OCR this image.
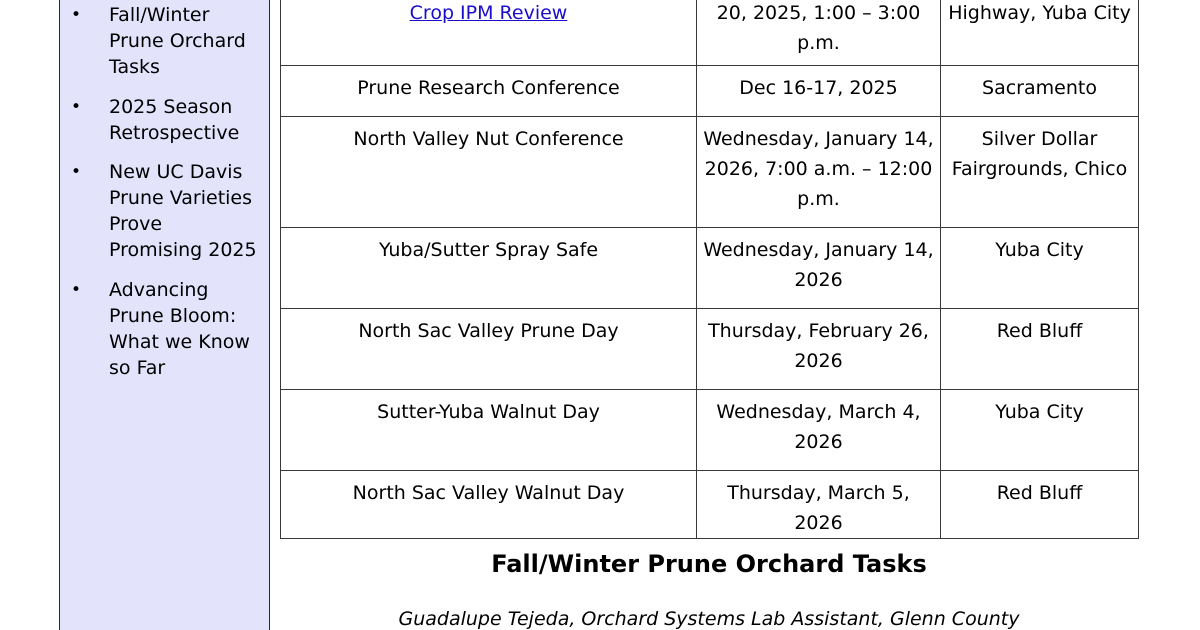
• Fall/Winter Prune Orchard Tasks
• 2025 Season Retrospective
• New UC Davis Prune Varieties Prove Promising 2025
• Advancing Prune Bloom: What we Know so Far
Crop IPM Review	20, 2025, 1:00 – 3:00 p.m.	Highway, Yuba City
Prune Research Conference	Dec 16-17, 2025	Sacramento
North Valley Nut Conference	Wednesday, January 14, 2026, 7:00 a.m. – 12:00 p.m.	Silver Dollar Fairgrounds, Chico
Yuba/Sutter Spray Safe	Wednesday, January 14, 2026	Yuba City
North Sac Valley Prune Day	Thursday, February 26, 2026	Red Bluff
Sutter-Yuba Walnut Day	Wednesday, March 4, 2026	Yuba City
North Sac Valley Walnut Day	Thursday, March 5, 2026	Red Bluff
Fall/Winter Prune Orchard Tasks
Guadalupe Tejeda, Orchard Systems Lab Assistant, Glenn County
